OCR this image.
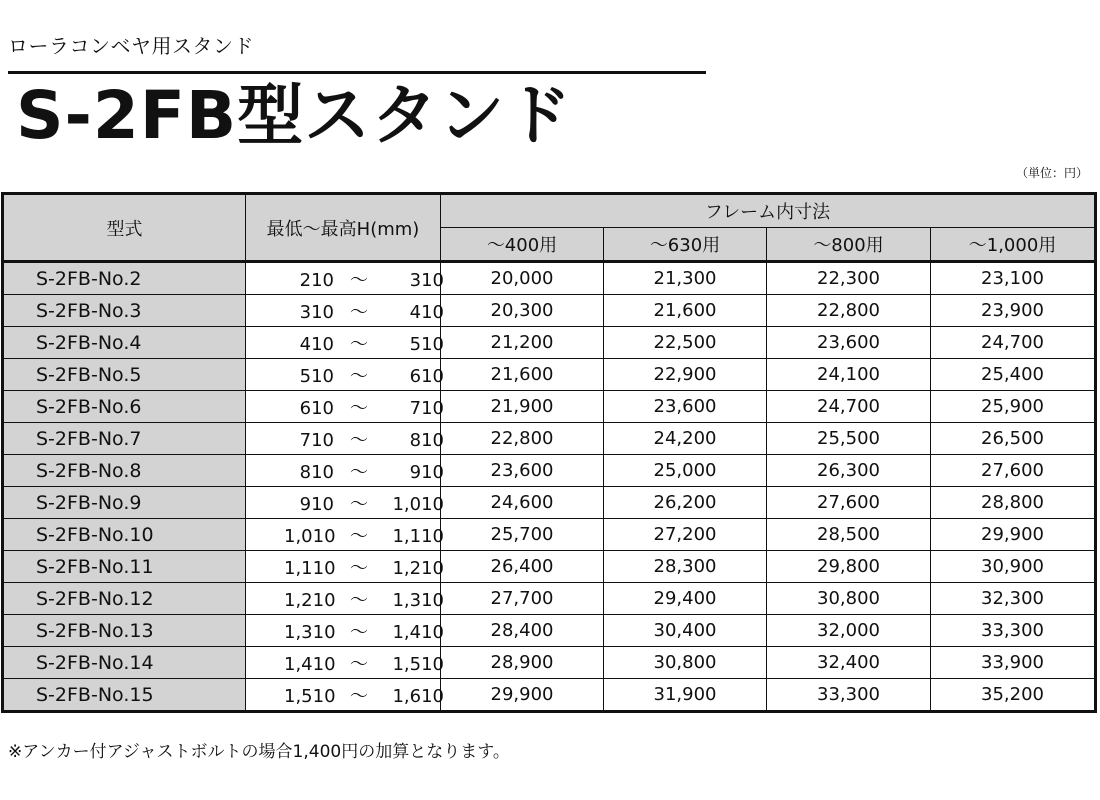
ローラコンベヤ用スタンド
S-2FB型スタンド
（単位：円）
型式	最低～最高H(mm)	フレーム内寸法			
		～400用	～630用	～800用	～1,000用
S-2FB-No.2	210 ～ 310	20,000	21,300	22,300	23,100
S-2FB-No.3	310 ～ 410	20,300	21,600	22,800	23,900
S-2FB-No.4	410 ～ 510	21,200	22,500	23,600	24,700
S-2FB-No.5	510 ～ 610	21,600	22,900	24,100	25,400
S-2FB-No.6	610 ～ 710	21,900	23,600	24,700	25,900
S-2FB-No.7	710 ～ 810	22,800	24,200	25,500	26,500
S-2FB-No.8	810 ～ 910	23,600	25,000	26,300	27,600
S-2FB-No.9	910 ～ 1,010	24,600	26,200	27,600	28,800
S-2FB-No.10	1,010 ～ 1,110	25,700	27,200	28,500	29,900
S-2FB-No.11	1,110 ～ 1,210	26,400	28,300	29,800	30,900
S-2FB-No.12	1,210 ～ 1,310	27,700	29,400	30,800	32,300
S-2FB-No.13	1,310 ～ 1,410	28,400	30,400	32,000	33,300
S-2FB-No.14	1,410 ～ 1,510	28,900	30,800	32,400	33,900
S-2FB-No.15	1,510 ～ 1,610	29,900	31,900	33,300	35,200
※アンカー付アジャストボルトの場合1,400円の加算となります。
